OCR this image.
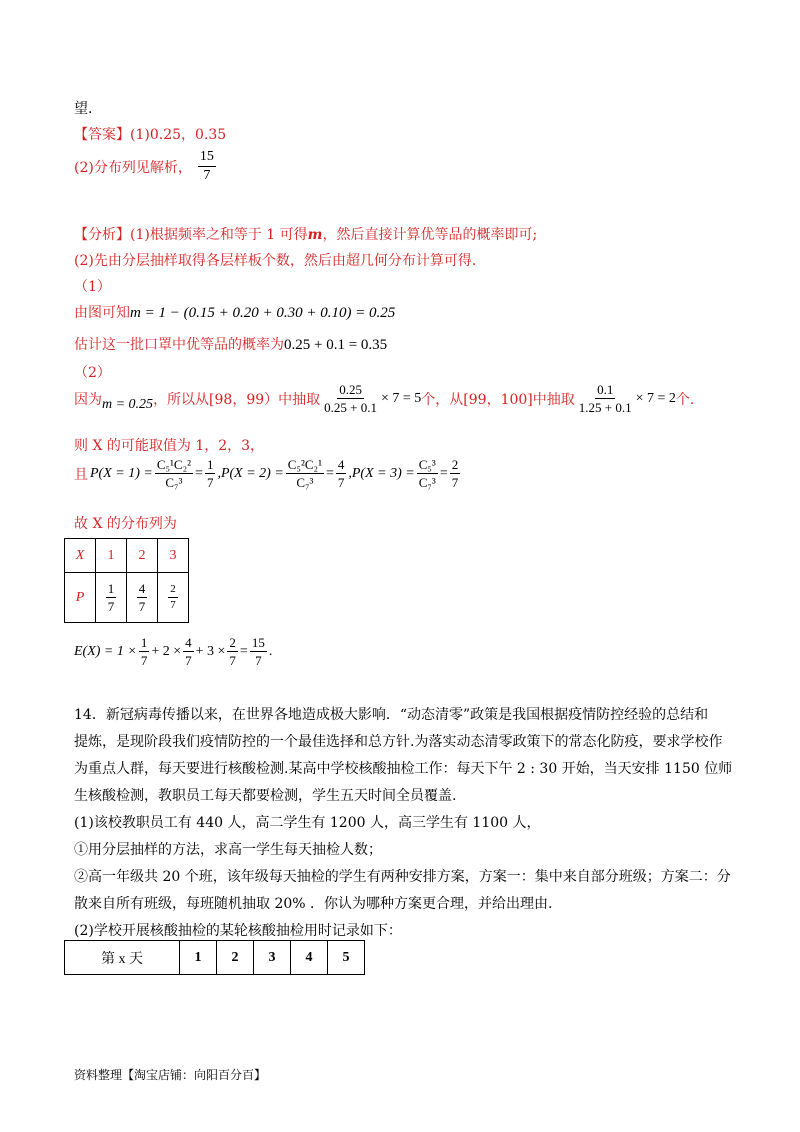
望.
【答案】(1)0.25，0.35
(2)分布列见解析， $\frac{15}{7}$
【分析】(1)根据频率之和等于 1 可得m，然后直接计算优等品的概率即可;
(2)先由分层抽样取得各层样板个数，然后由超几何分布计算可得.
（1）
由图可知m = 1 − (0.15 + 0.20 + 0.30 + 0.10) = 0.25
估计这一批口罩中优等品的概率为0.25 + 0.1 = 0.35
（2）
因为 m = 0.25 ，所以从[98，99）中抽取 $\frac{0.25}{0.25 + 0.1} \times 7 = 5$ 个，从[99，100]中抽取 $\frac{0.1}{1.25 + 0.1} \times 7 = 2$ 个.
则 X 的可能取值为 1，2，3，
且 $P(X = 1) = \frac{\text{C₅¹C₂²}}{\text{C₇³}} = \frac{1}{7} ,P(X = 2) = \frac{\text{C₅²C₂¹}}{\text{C₇³}} = \frac{4}{7} ,P(X = 3) = \frac{\text{C₅³}}{\text{C₇³}} = \frac{2}{7}$
故 X 的分布列为
X	1	2	3
P	$\frac{1}{7}$	$\frac{4}{7}$	$\frac{2}{7}$
$E(X) = 1 \times \frac{1}{7} + 2 \times \frac{4}{7} + 3 \times \frac{2}{7} = \frac{15}{7}$ .
14．新冠病毒传播以来，在世界各地造成极大影响．“动态清零”政策是我国根据疫情防控经验的总结和
提炼，是现阶段我们疫情防控的一个最佳选择和总方针.为落实动态清零政策下的常态化防疫，要求学校作
为重点人群，每天要进行核酸检测.某高中学校核酸抽检工作：每天下午 2 : 30 开始，当天安排 1150 位师
生核酸检测，教职员工每天都要检测，学生五天时间全员覆盖.
(1)该校教职员工有 440 人，高二学生有 1200 人，高三学生有 1100 人，
①用分层抽样的方法，求高一学生每天抽检人数；
②高一年级共 20 个班，该年级每天抽检的学生有两种安排方案，方案一：集中来自部分班级；方案二：分
散来自所有班级，每班随机抽取 20% ．你认为哪种方案更合理，并给出理由.
(2)学校开展核酸抽检的某轮核酸抽检用时记录如下：
第 x 天	1	2	3	4	5
资料整理【淘宝店铺：向阳百分百】
